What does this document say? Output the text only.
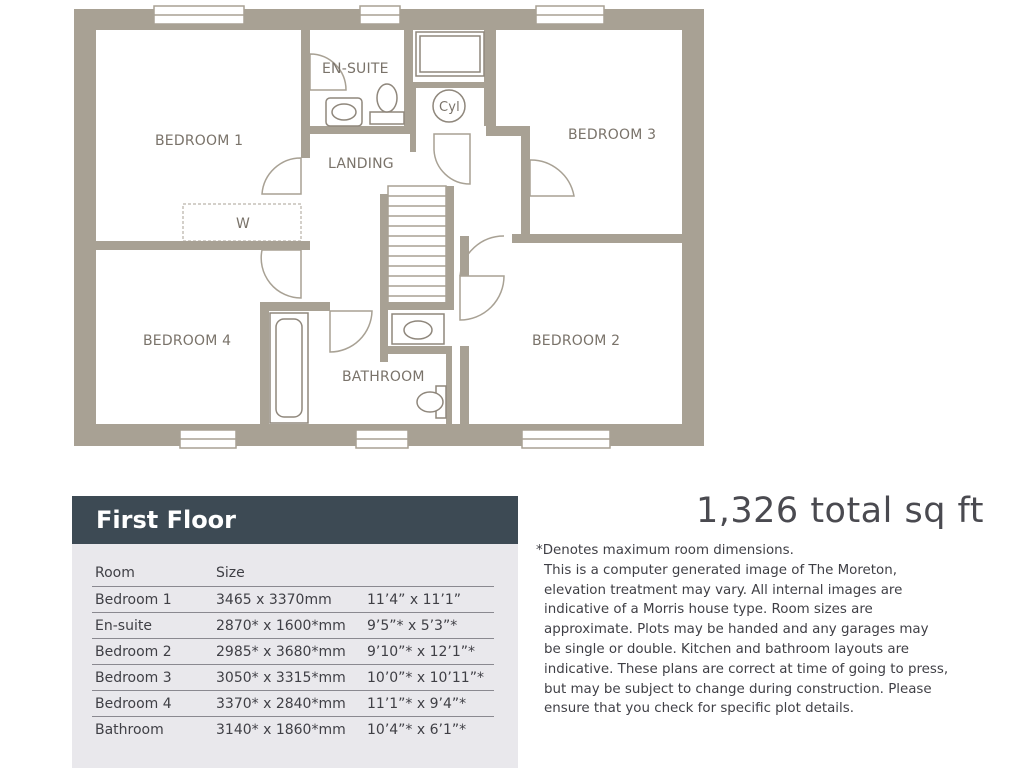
BEDROOM 1
EN-SUITE
LANDING
BEDROOM 3
W
BEDROOM 4	BEDROOM 2
BATHROOM
Cyl
First Floor
Room	Size	
Bedroom 1	3465 x 3370mm	11’4” x 11’1”
En-suite	2870* x 1600*mm	9’5”* x 5’3”*
Bedroom 2	2985* x 3680*mm	9’10”* x 12’1”*
Bedroom 3	3050* x 3315*mm	10’0”* x 10’11”*
Bedroom 4	3370* x 2840*mm	11’1”* x 9’4”*
Bathroom	3140* x 1860*mm	10’4”* x 6’1”*
1,326 total sq ft
*Denotes maximum room dimensions.
This is a computer generated image of The Moreton,
elevation treatment may vary. All internal images are
indicative of a Morris house type. Room sizes are
approximate. Plots may be handed and any garages may
be single or double. Kitchen and bathroom layouts are
indicative. These plans are correct at time of going to press,
but may be subject to change during construction. Please
ensure that you check for specific plot details.
